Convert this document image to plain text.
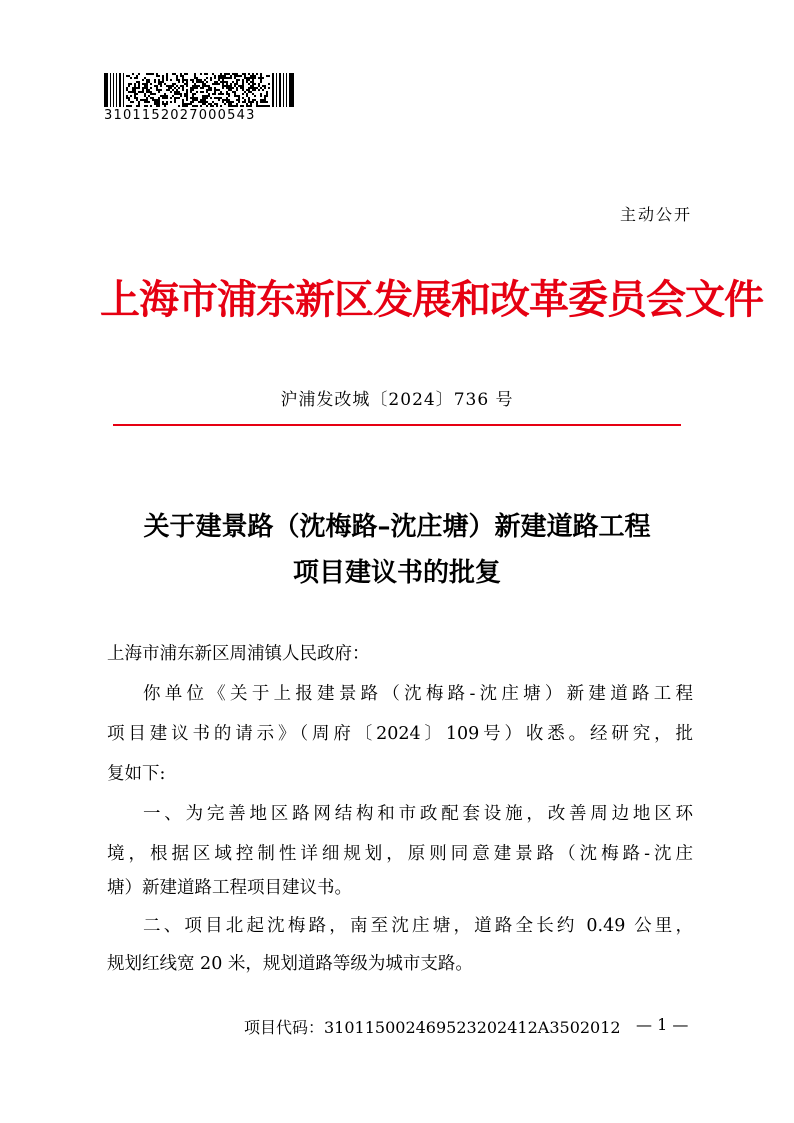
3101152027000543
主动公开
上海市浦东新区发展和改革委员会文件
沪浦发改城〔2024〕736 号
关于建景路（沈梅路–沈庄塘）新建道路工程
项目建议书的批复
上海市浦东新区周浦镇人民政府：
你单位《关于上报建景路（沈梅路-沈庄塘）新建道路工程
项目建议书的请示》（周府〔2024〕109号）收悉。经研究，批
复如下:
一、为完善地区路网结构和市政配套设施，改善周边地区环
境，根据区域控制性详细规划，原则同意建景路（沈梅路-沈庄
塘）新建道路工程项目建议书。
二、项目北起沈梅路，南至沈庄塘，道路全长约 0.49 公里，
规划红线宽 20 米，规划道路等级为城市支路。
项目代码：310115002469523202412A3502012 — 1 —
